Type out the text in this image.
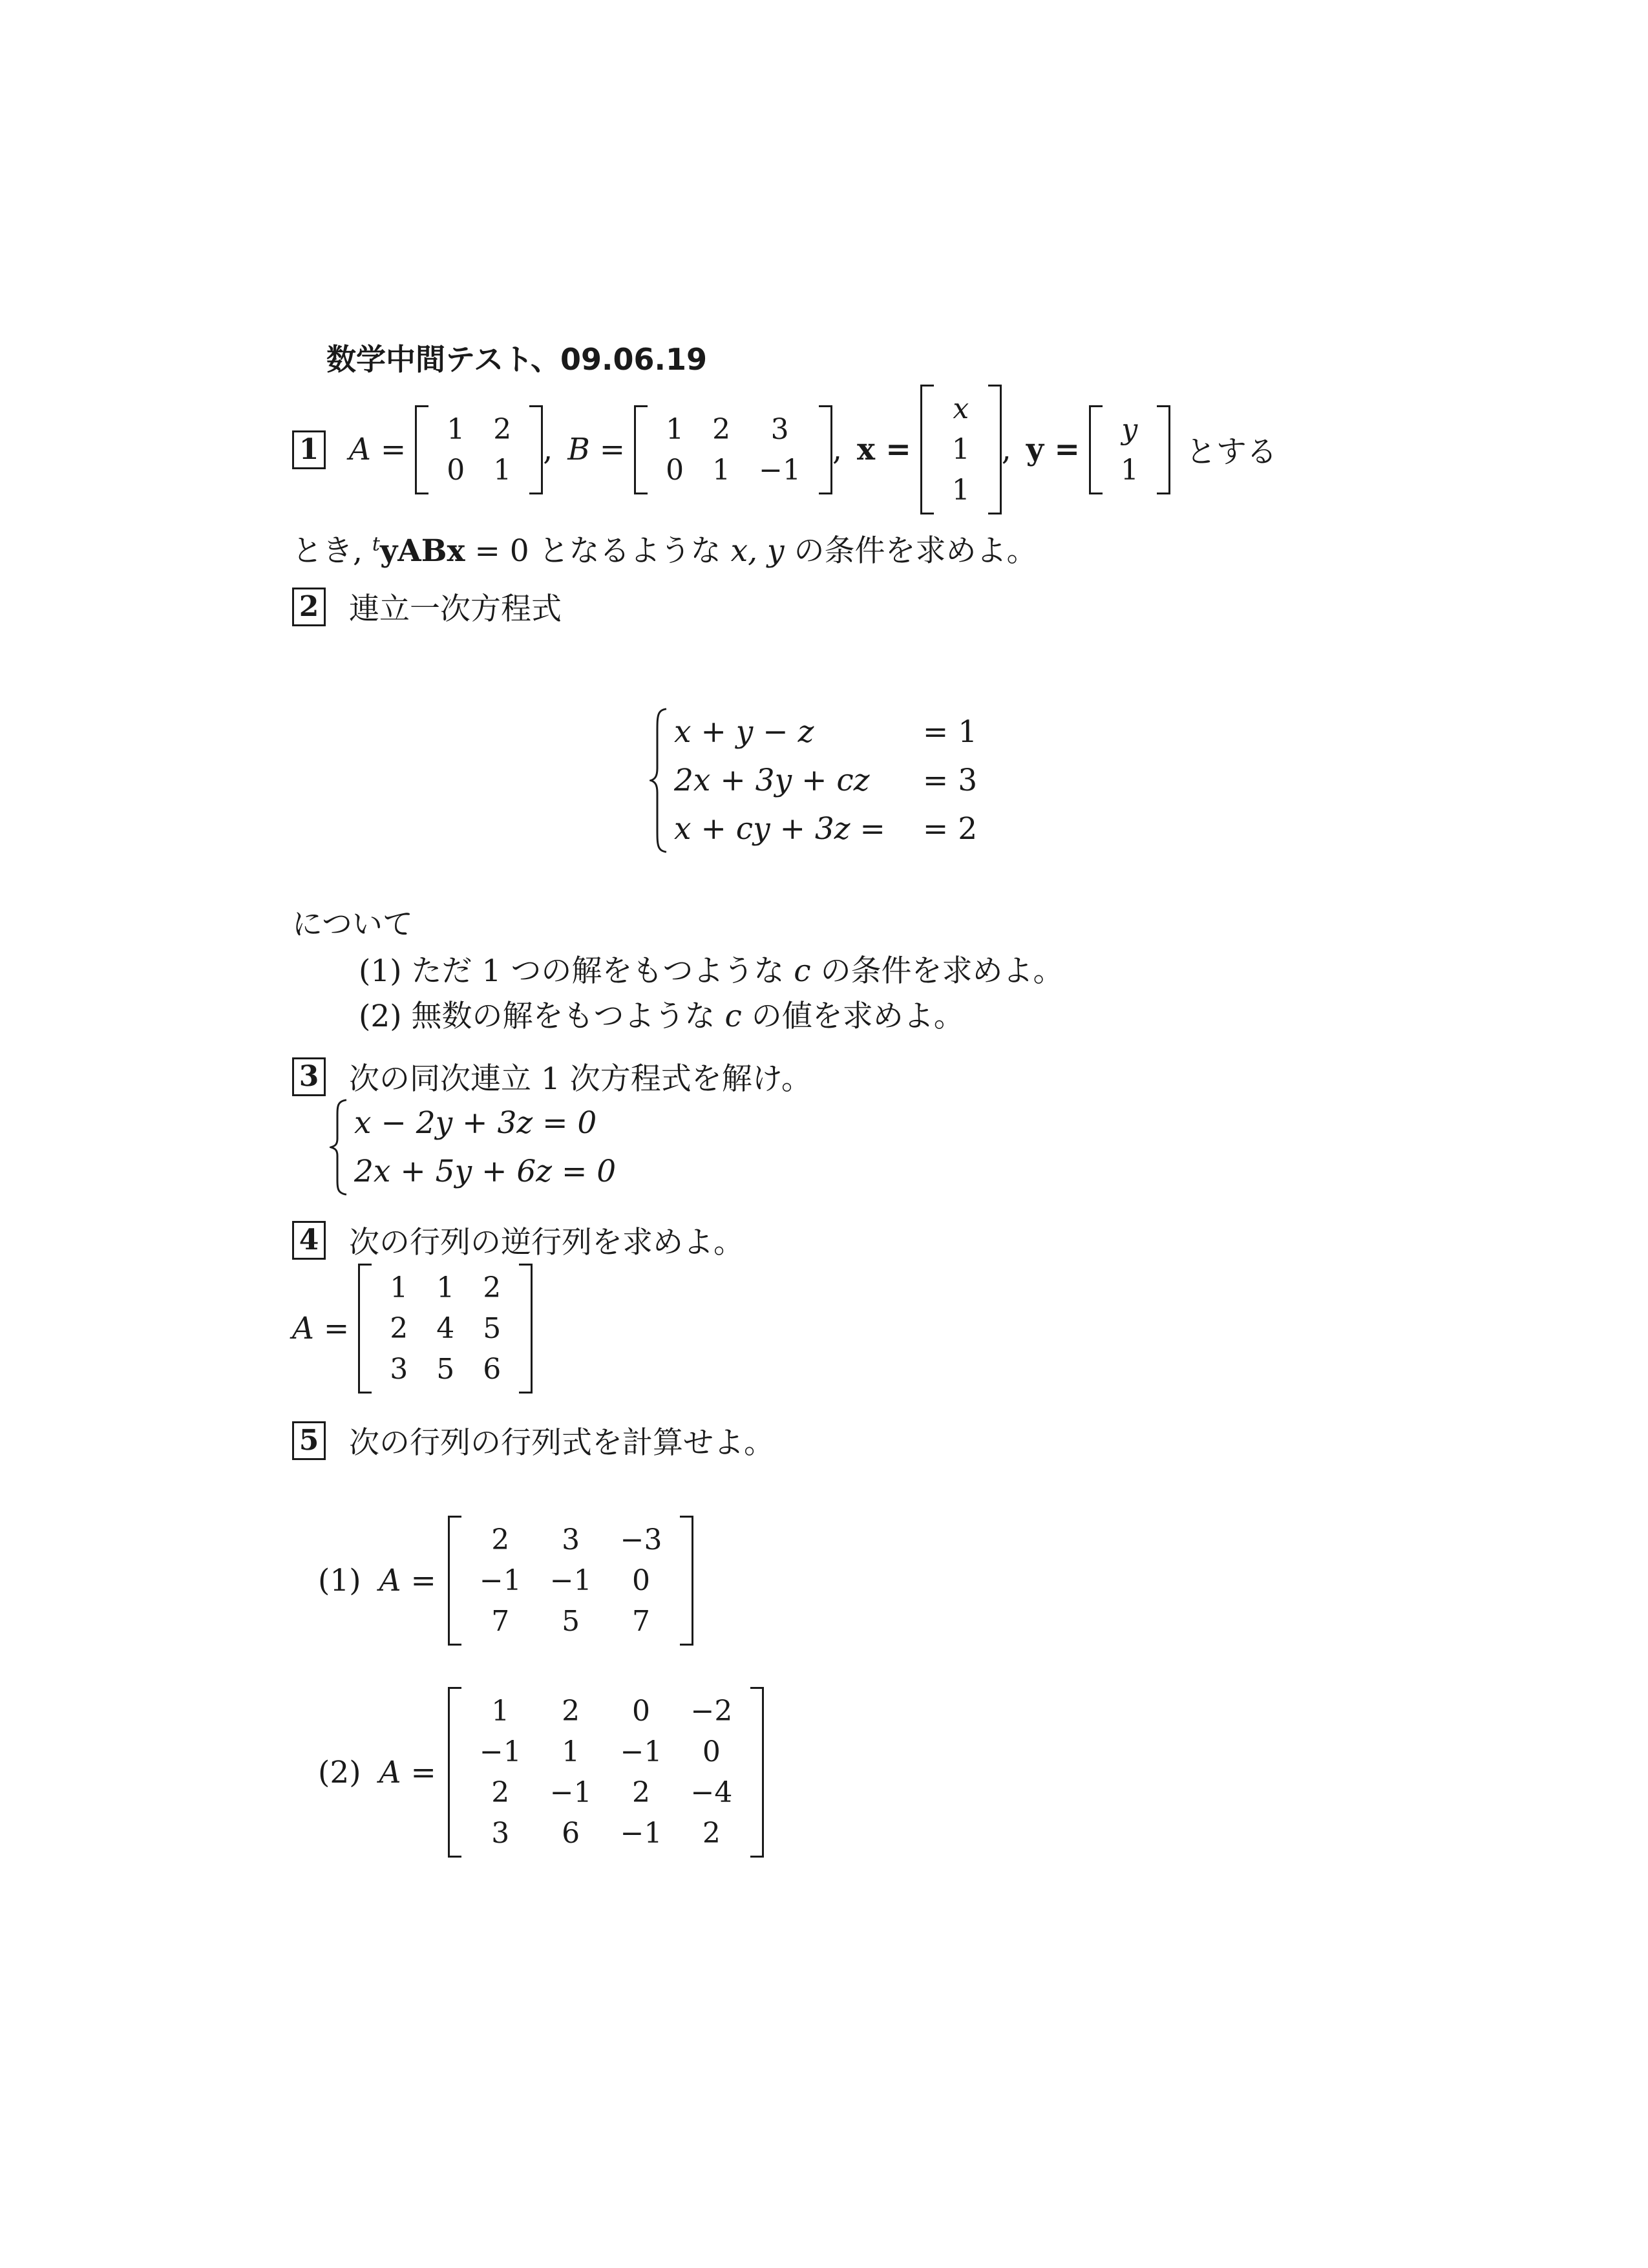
数学中間テスト、09.06.19
1 A =
1	2
0	1
, B =
1	2	3
0	1	−1
, x =
x
1
1
, y =
y
1 とする
とき, $^t$yABx = 0 となるような x, y の条件を求めよ。
2 連立一次方程式
x + y − z	= 1
2x + 3y + cz	= 3
x + cy + 3z =	= 2
について
(1) ただ 1 つの解をもつような c の条件を求めよ。
(2) 無数の解をもつような c の値を求めよ。
3 次の同次連立 1 次方程式を解け。
x − 2y + 3z = 0
2x + 5y + 6z = 0
4 次の行列の逆行列を求めよ。
A =
1	1	2
2	4	5
3	5	6
5 次の行列の行列式を計算せよ。
(1) A =
2	3	−3
−1	−1	0
7	5	7
(2) A =
1	2	0	−2
−1	1	−1	0
2	−1	2	−4
3	6	−1	2
